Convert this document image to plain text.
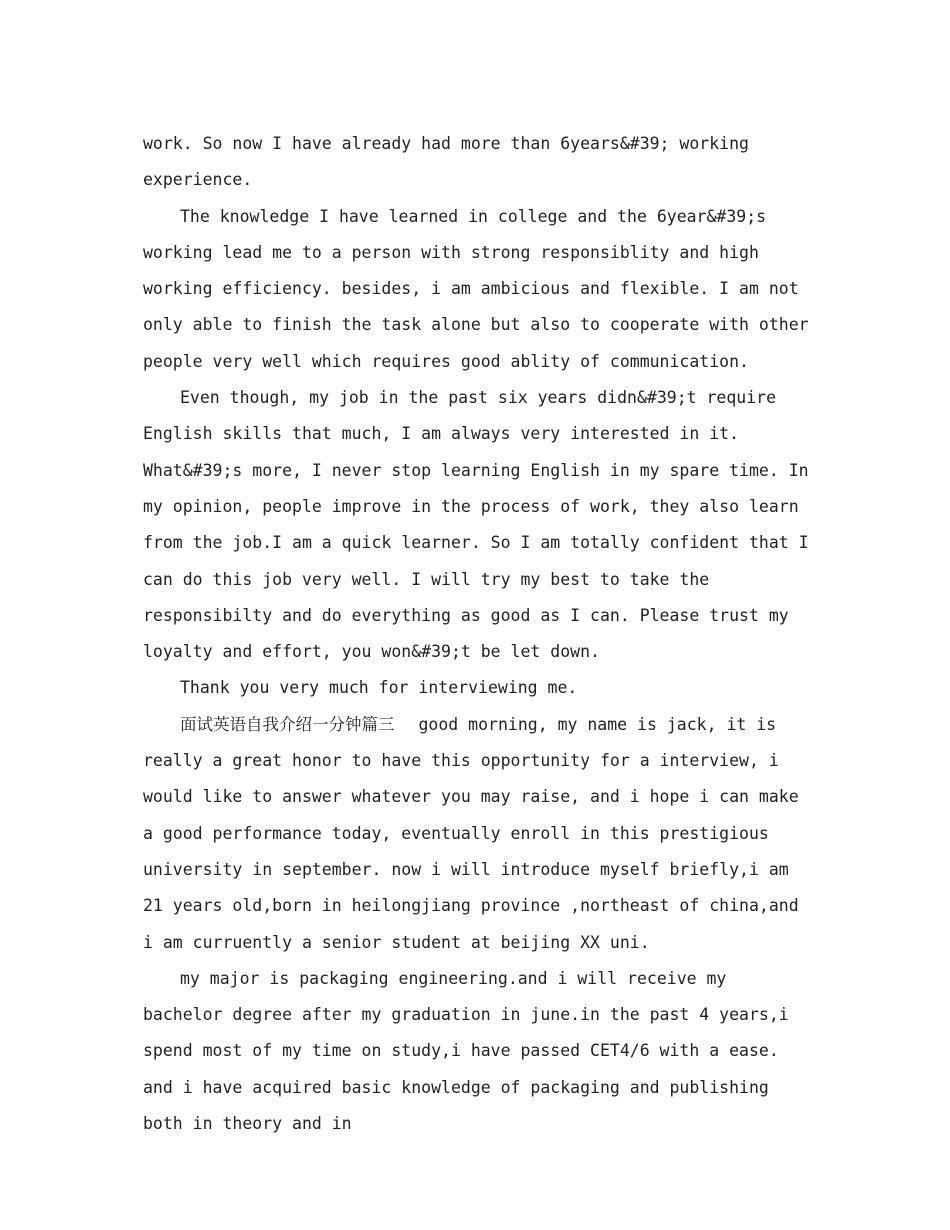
work. So now I have already had more than 6years&#39; working experience.

The knowledge I have learned in college and the 6year&#39;s working lead me to a person with strong responsiblity and high working efficiency. besides, i am ambicious and flexible. I am not only able to finish the task alone but also to cooperate with other people very well which requires good ablity of communication.

Even though, my job in the past six years didn&#39;t require English skills that much, I am always very interested in it. What&#39;s more, I never stop learning English in my spare time. In my opinion, people improve in the process of work, they also learn from the job.I am a quick learner. So I am totally confident that I can do this job very well. I will try my best to take the responsibilty and do everything as good as I can. Please trust my loyalty and effort, you won&#39;t be let down.

Thank you very much for interviewing me.

面试英语自我介绍一分钟篇三 good morning, my name is jack, it is really a great honor to have this opportunity for a interview, i would like to answer whatever you may raise, and i hope i can make a good performance today, eventually enroll in this prestigious university in september. now i will introduce myself briefly,i am 21 years old,born in heilongjiang province ,northeast of china,and i am curruently a senior student at beijing XX uni.

my major is packaging engineering.and i will receive my bachelor degree after my graduation in june.in the past 4 years,i spend most of my time on study,i have passed CET4/6 with a ease. and i have acquired basic knowledge of packaging and publishing both in theory and in
